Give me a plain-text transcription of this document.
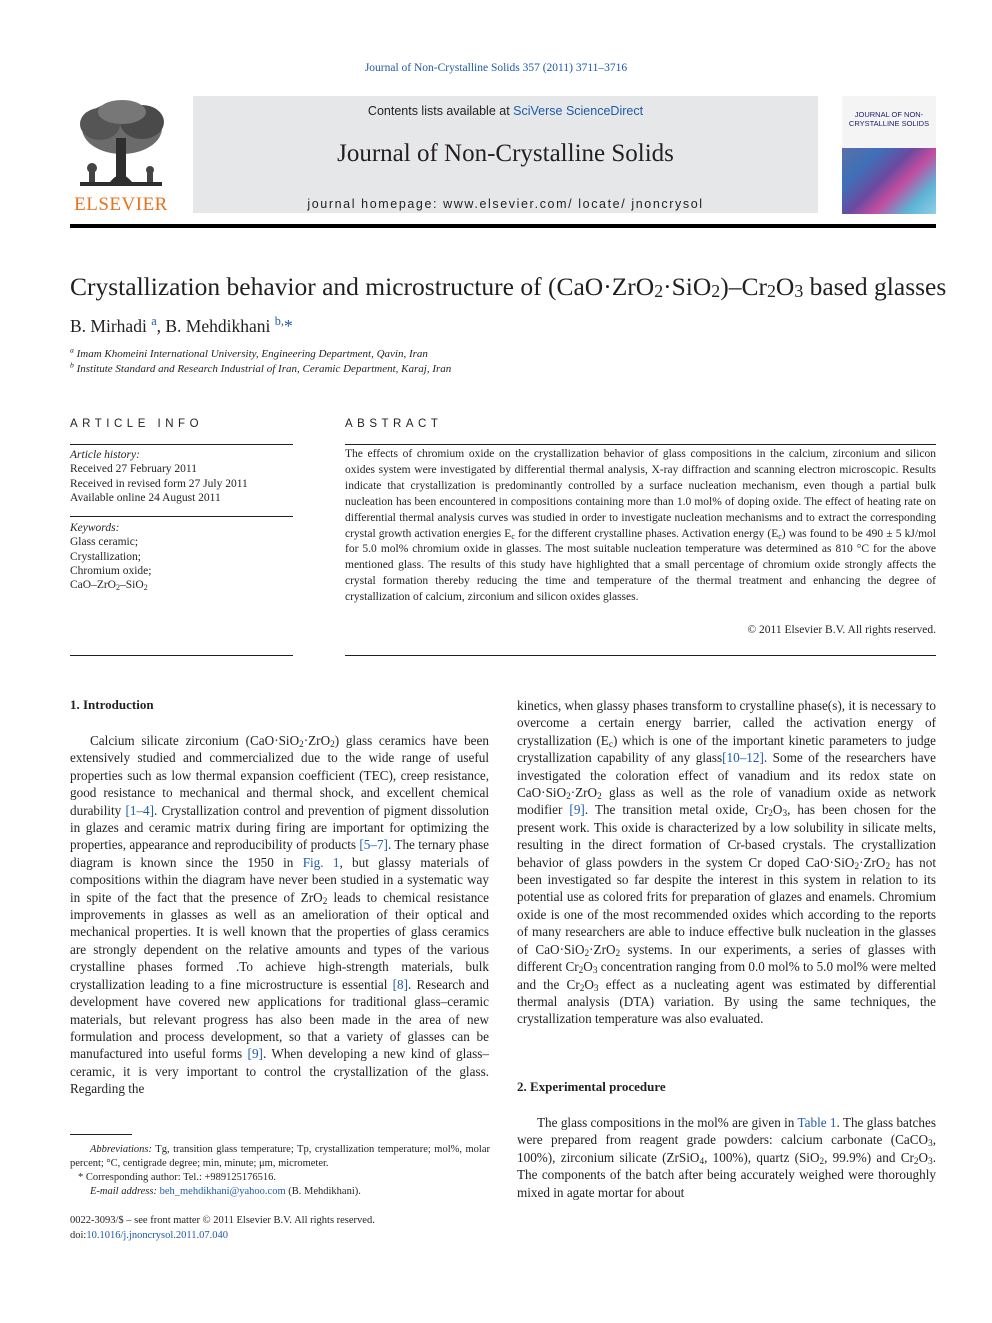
Journal of Non-Crystalline Solids 357 (2011) 3711–3716
ELSEVIER
Contents lists available at SciVerse ScienceDirect
Journal of Non-Crystalline Solids
journal homepage: www.elsevier.com/ locate/ jnoncrysol
JOURNAL OF NON-CRYSTALLINE SOLIDS
Crystallization behavior and microstructure of $(CaO\cdot ZrO_2\cdot SiO_2)-Cr_2O_3$ based glasses
B. Mirhadi $^a$, B. Mehdikhani $^{b,}$*
$^a$ Imam Khomeini International University, Engineering Department, Qavin, Iran
$^b$ Institute Standard and Research Industrial of Iran, Ceramic Department, Karaj, Iran
ARTICLE INFO
Article history:
Received 27 February 2011
Received in revised form 27 July 2011
Available online 24 August 2011
Keywords:
Glass ceramic;
Crystallization;
Chromium oxide;
CaO–ZrO$_2$–SiO$_2$
ABSTRACT
The effects of chromium oxide on the crystallization behavior of glass compositions in the calcium, zirconium and silicon oxides system were investigated by differential thermal analysis, X-ray diffraction and scanning electron microscopic. Results indicate that crystallization is predominantly controlled by a surface nucleation mechanism, even though a partial bulk nucleation has been encountered in compositions containing more than 1.0 mol% of doping oxide. The effect of heating rate on differential thermal analysis curves was studied in order to investigate nucleation mechanisms and to extract the corresponding crystal growth activation energies $E_c$ for the different crystalline phases. Activation energy $(E_c)$ was found to be 490 ± 5 kJ/mol for 5.0 mol% chromium oxide in glasses. The most suitable nucleation temperature was determined as 810 °C for the above mentioned glass. The results of this study have highlighted that a small percentage of chromium oxide strongly affects the crystal formation thereby reducing the time and temperature of the thermal treatment and enhancing the degree of crystallization of calcium, zirconium and silicon oxides glasses.
© 2011 Elsevier B.V. All rights reserved.
1. Introduction

Calcium silicate zirconium (CaO·SiO$_2$·ZrO$_2$) glass ceramics have been extensively studied and commercialized due to the wide range of useful properties such as low thermal expansion coefficient (TEC), creep resistance, good resistance to mechanical and thermal shock, and excellent chemical durability [1–4]. Crystallization control and prevention of pigment dissolution in glazes and ceramic matrix during firing are important for optimizing the properties, appearance and reproducibility of products [5–7]. The ternary phase diagram is known since the 1950 in Fig. 1, but glassy materials of compositions within the diagram have never been studied in a systematic way in spite of the fact that the presence of ZrO$_2$ leads to chemical resistance improvements in glasses as well as an amelioration of their optical and mechanical properties. It is well known that the properties of glass ceramics are strongly dependent on the relative amounts and types of the various crystalline phases formed .To achieve high-strength materials, bulk crystallization leading to a fine microstructure is essential [8]. Research and development have covered new applications for traditional glass–ceramic materials, but relevant progress has also been made in the area of new formulation and process development, so that a variety of glasses can be manufactured into useful forms [9]. When developing a new kind of glass–ceramic, it is very important to control the crystallization of the glass. Regarding the

kinetics, when glassy phases transform to crystalline phase(s), it is necessary to overcome a certain energy barrier, called the activation energy of crystallization $(E_c)$ which is one of the important kinetic parameters to judge crystallization capability of any glass[10–12]. Some of the researchers have investigated the coloration effect of vanadium and its redox state on CaO·SiO$_2$·ZrO$_2$ glass as well as the role of vanadium oxide as network modifier [9]. The transition metal oxide, $Cr_2O_3$, has been chosen for the present work. This oxide is characterized by a low solubility in silicate melts, resulting in the direct formation of Cr-based crystals. The crystallization behavior of glass powders in the system Cr doped CaO·SiO$_2$·ZrO$_2$ has not been investigated so far despite the interest in this system in relation to its potential use as colored frits for preparation of glazes and enamels. Chromium oxide is one of the most recommended oxides which according to the reports of many researchers are able to induce effective bulk nucleation in the glasses of CaO·SiO$_2$·ZrO$_2$ systems. In our experiments, a series of glasses with different $Cr_2O_3$ concentration ranging from 0.0 mol% to 5.0 mol% were melted and the $Cr_2O_3$ effect as a nucleating agent was estimated by differential thermal analysis (DTA) variation. By using the same techniques, the crystallization temperature was also evaluated.

2. Experimental procedure

The glass compositions in the mol% are given in Table 1. The glass batches were prepared from reagent grade powders: calcium carbonate (CaCO$_3$, 100%), zirconium silicate (ZrSiO$_4$, 100%), quartz (SiO$_2$, 99.9%) and $Cr_2O_3$. The components of the batch after being accurately weighed were thoroughly mixed in agate mortar for about

Abbreviations: Tg, transition glass temperature; Tp, crystallization temperature; mol%, molar percent; °C, centigrade degree; min, minute; μm, micrometer.
* Corresponding author: Tel.: +989125176516.
E-mail address: beh_mehdikhani@yahoo.com (B. Mehdikhani).
0022-3093/$ – see front matter © 2011 Elsevier B.V. All rights reserved.
doi:10.1016/j.jnoncrysol.2011.07.040
